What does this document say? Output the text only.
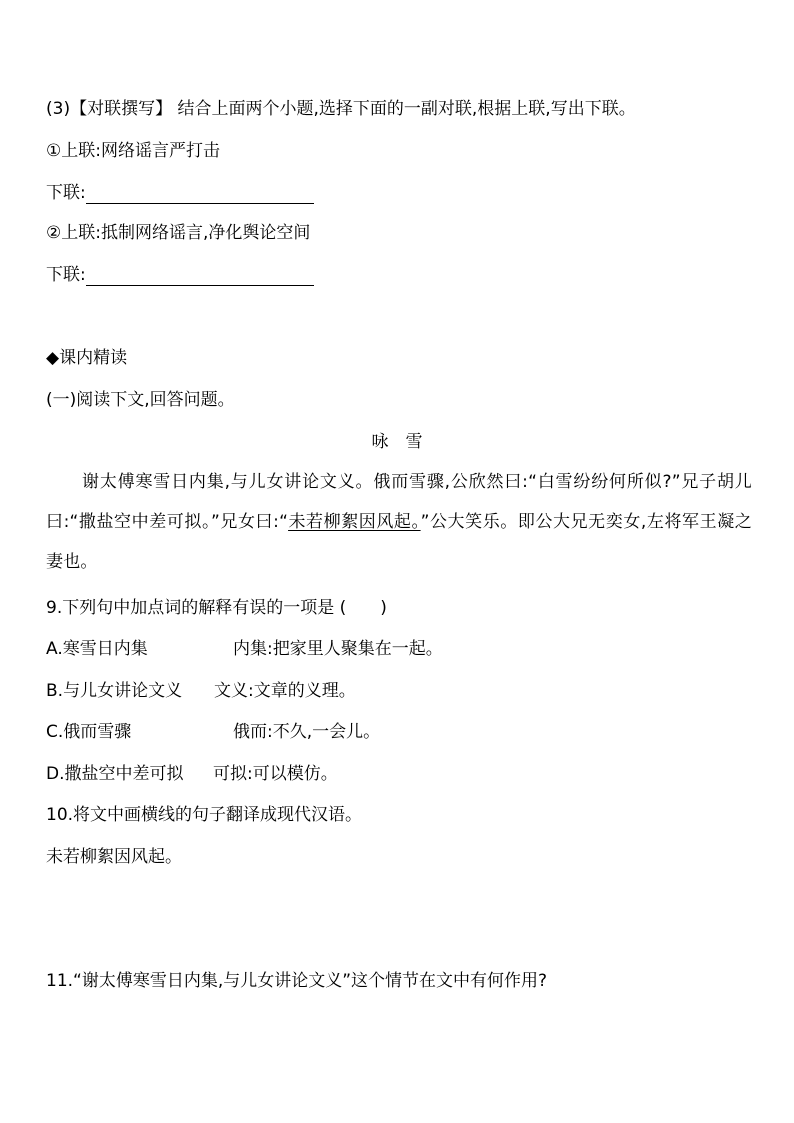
(3)【对联撰写】 结合上面两个小题,选择下面的一副对联,根据上联,写出下联。
①上联:网络谣言严打击
下联:
②上联:抵制网络谣言,净化舆论空间
下联:
◆课内精读
(一)阅读下文,回答问题。
咏　雪
谢太傅寒雪日内集,与儿女讲论文义。俄而雪骤,公欣然曰:“白雪纷纷何所似?”兄子胡儿曰:“撒盐空中差可拟。”兄女曰:“未若柳絮因风起。”公大笑乐。即公大兄无奕女,左将军王凝之妻也。
9.下列句中加点词的解释有误的一项是 (　　)
A.寒雪日内集	内集:把家里人聚集在一起。
B.与儿女讲论文义 文义:文章的义理。
C.俄而雪骤	俄而:不久,一会儿。
D.撒盐空中差可拟 可拟:可以模仿。
10.将文中画横线的句子翻译成现代汉语。
未若柳絮因风起。
11.“谢太傅寒雪日内集,与儿女讲论文义”这个情节在文中有何作用?
